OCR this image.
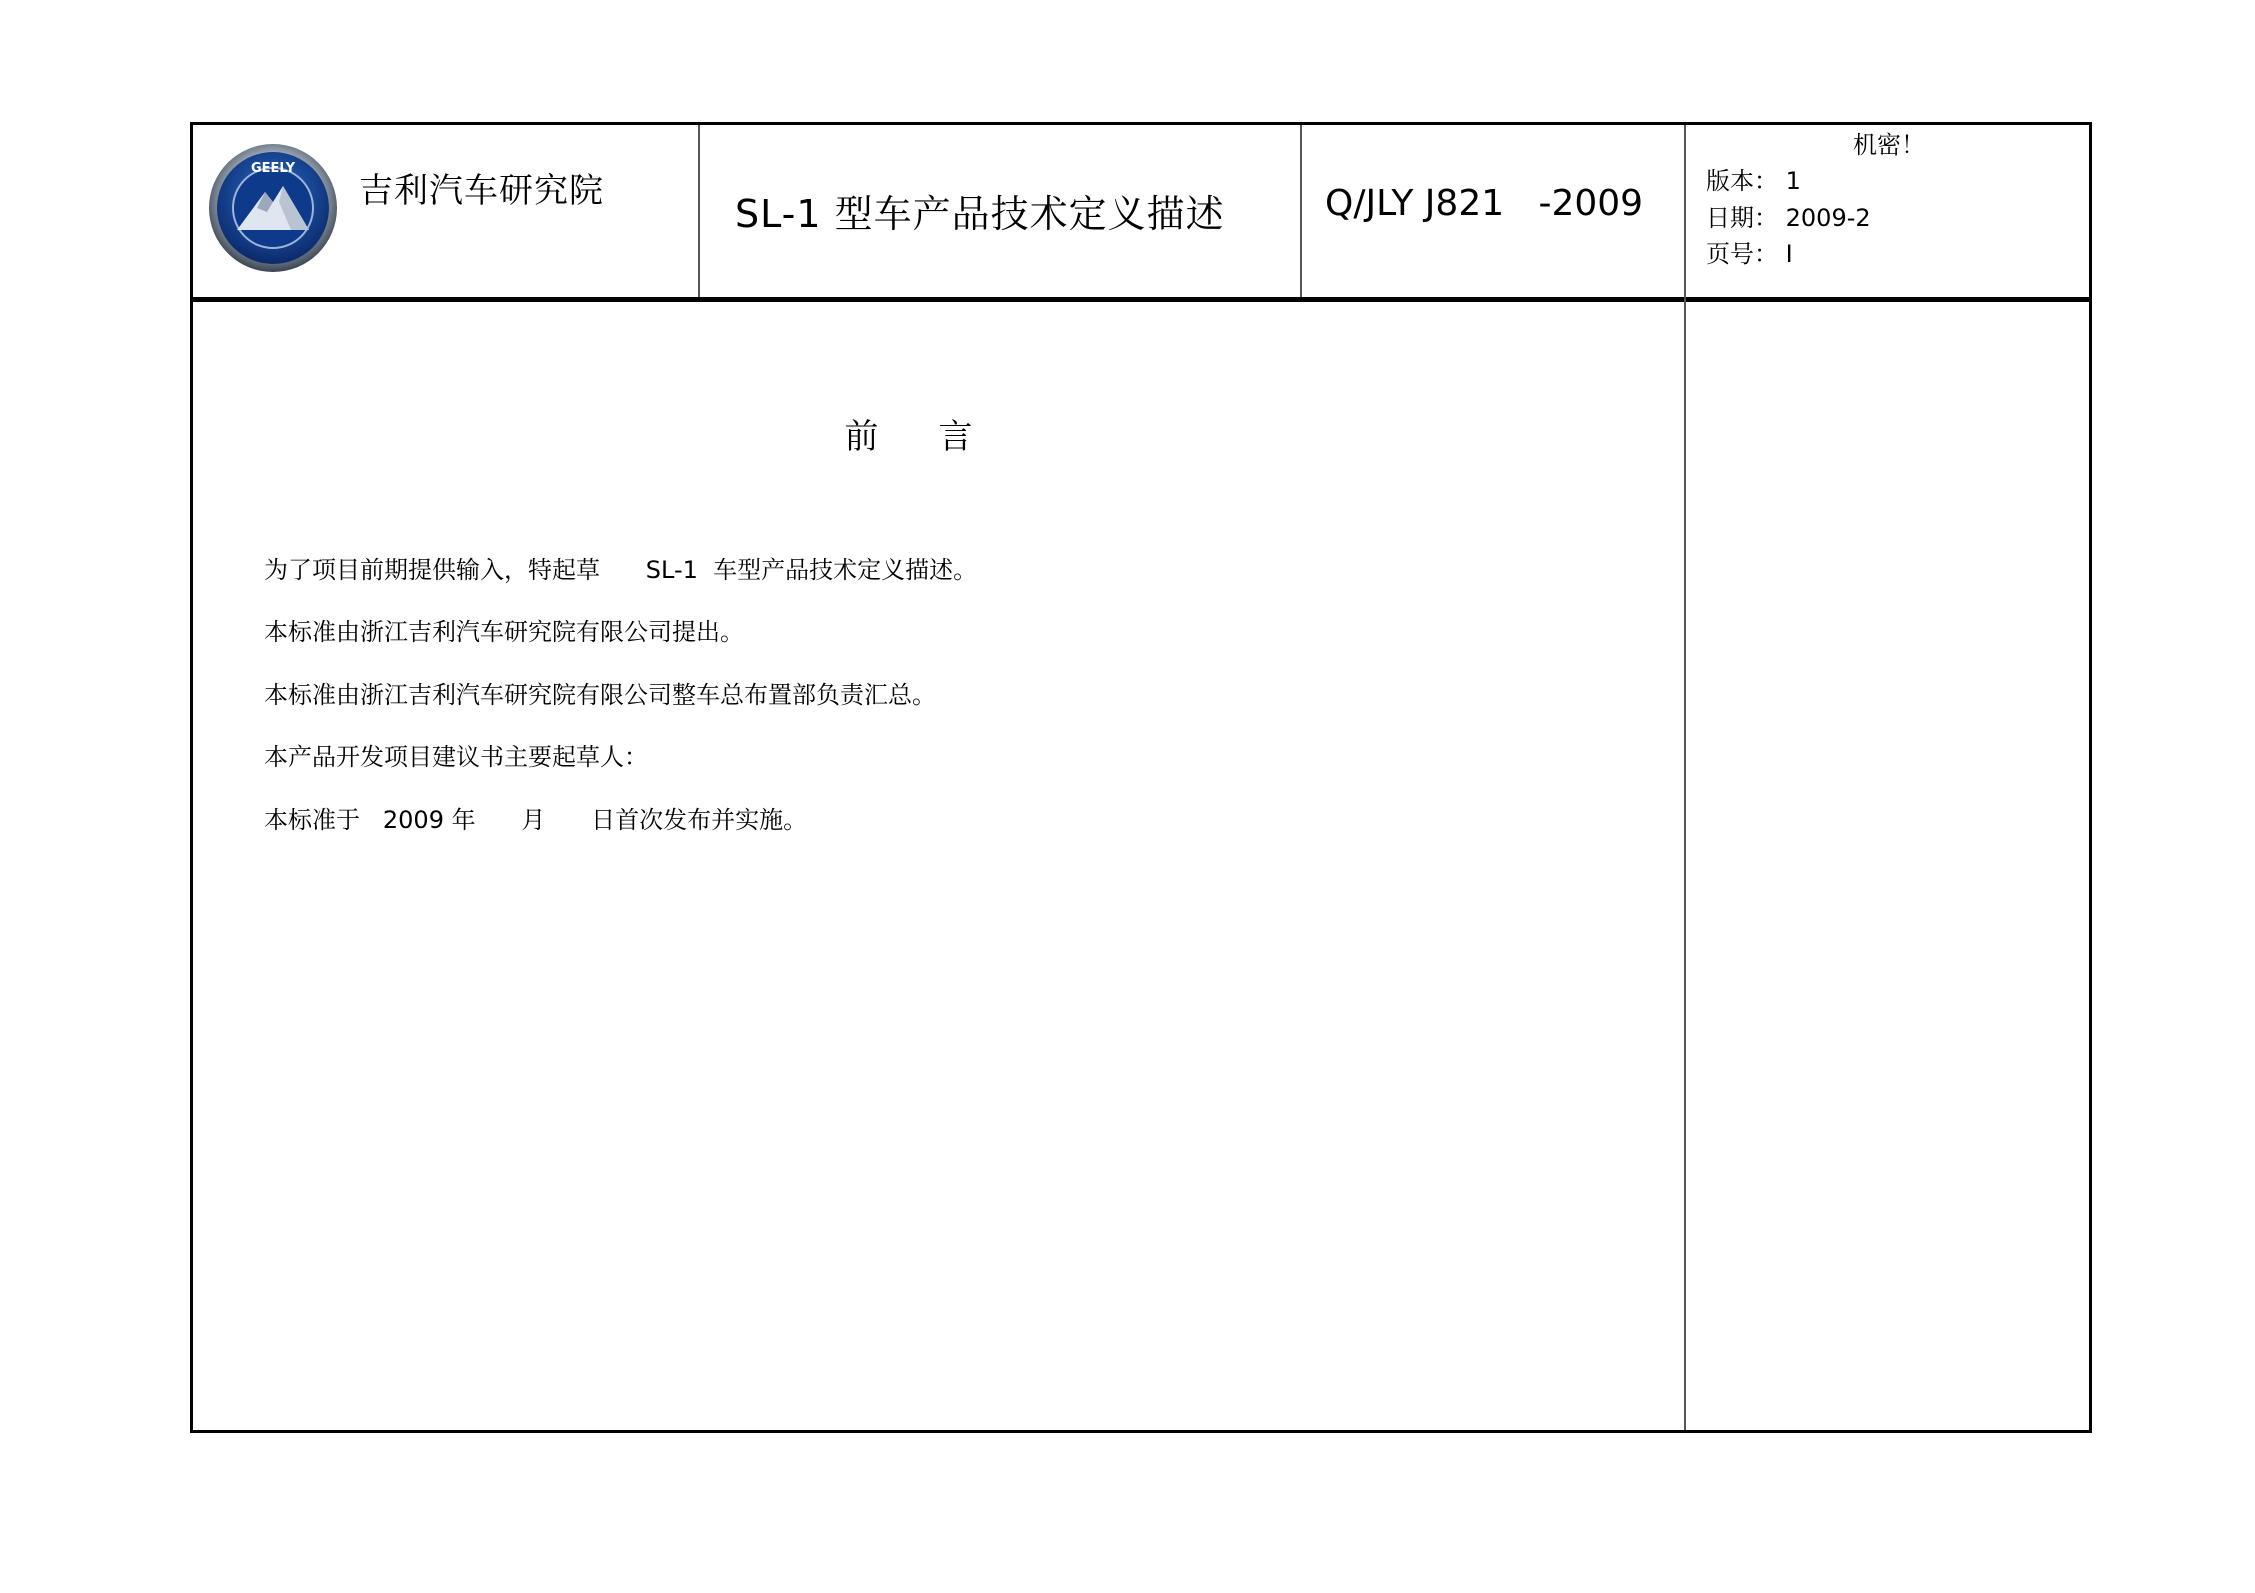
GEELY
吉利汽车研究院
SL-1 型车产品技术定义描述	Q/JLY J821   -2009
机密！
版本： 1
日期： 2009-2
页号： I
前言
为了项目前期提供输入，特起草      SL-1  车型产品技术定义描述。
本标准由浙江吉利汽车研究院有限公司提出。
本标准由浙江吉利汽车研究院有限公司整车总布置部负责汇总。
本产品开发项目建议书主要起草人：
本标准于   2009 年      月      日首次发布并实施。
